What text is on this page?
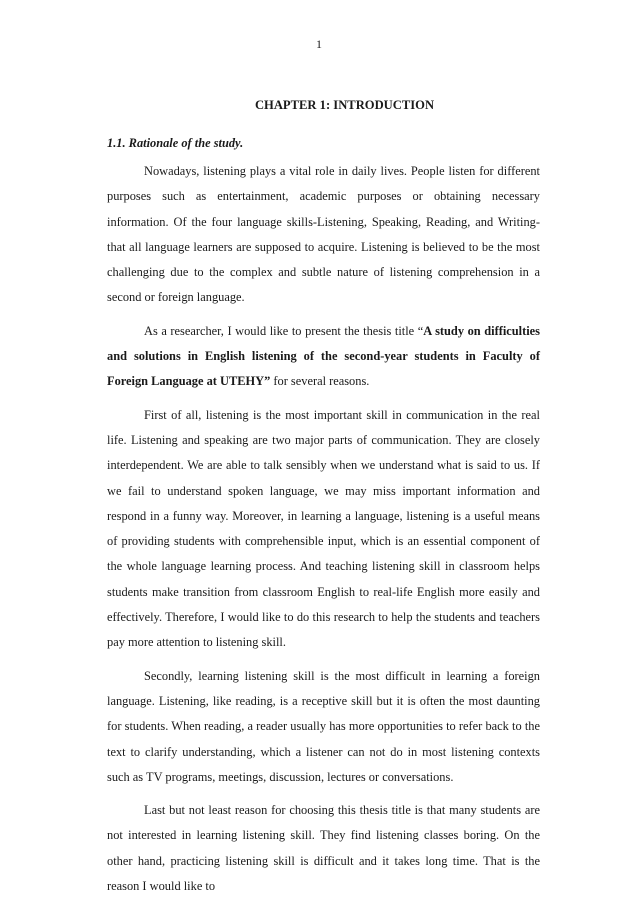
1

CHAPTER 1: INTRODUCTION

1.1. Rationale of the study.

Nowadays, listening plays a vital role in daily lives. People listen for different purposes such as entertainment, academic purposes or obtaining necessary information. Of the four language skills-Listening, Speaking, Reading, and Writing-that all language learners are supposed to acquire. Listening is believed to be the most challenging due to the complex and subtle nature of listening comprehension in a second or foreign language.

As a researcher, I would like to present the thesis title “A study on difficulties and solutions in English listening of the second-year students in Faculty of Foreign Language at UTEHY” for several reasons.

First of all, listening is the most important skill in communication in the real life. Listening and speaking are two major parts of communication. They are closely interdependent. We are able to talk sensibly when we understand what is said to us. If we fail to understand spoken language, we may miss important information and respond in a funny way. Moreover, in learning a language, listening is a useful means of providing students with comprehensible input, which is an essential component of the whole language learning process. And teaching listening skill in classroom helps students make transition from classroom English to real-life English more easily and effectively. Therefore, I would like to do this research to help the students and teachers pay more attention to listening skill.

Secondly, learning listening skill is the most difficult in learning a foreign language. Listening, like reading, is a receptive skill but it is often the most daunting for students. When reading, a reader usually has more opportunities to refer back to the text to clarify understanding, which a listener can not do in most listening contexts such as TV programs, meetings, discussion, lectures or conversations.

Last but not least reason for choosing this thesis title is that many students are not interested in learning listening skill. They find listening classes boring. On the other hand, practicing listening skill is difficult and it takes long time. That is the reason I would like to
